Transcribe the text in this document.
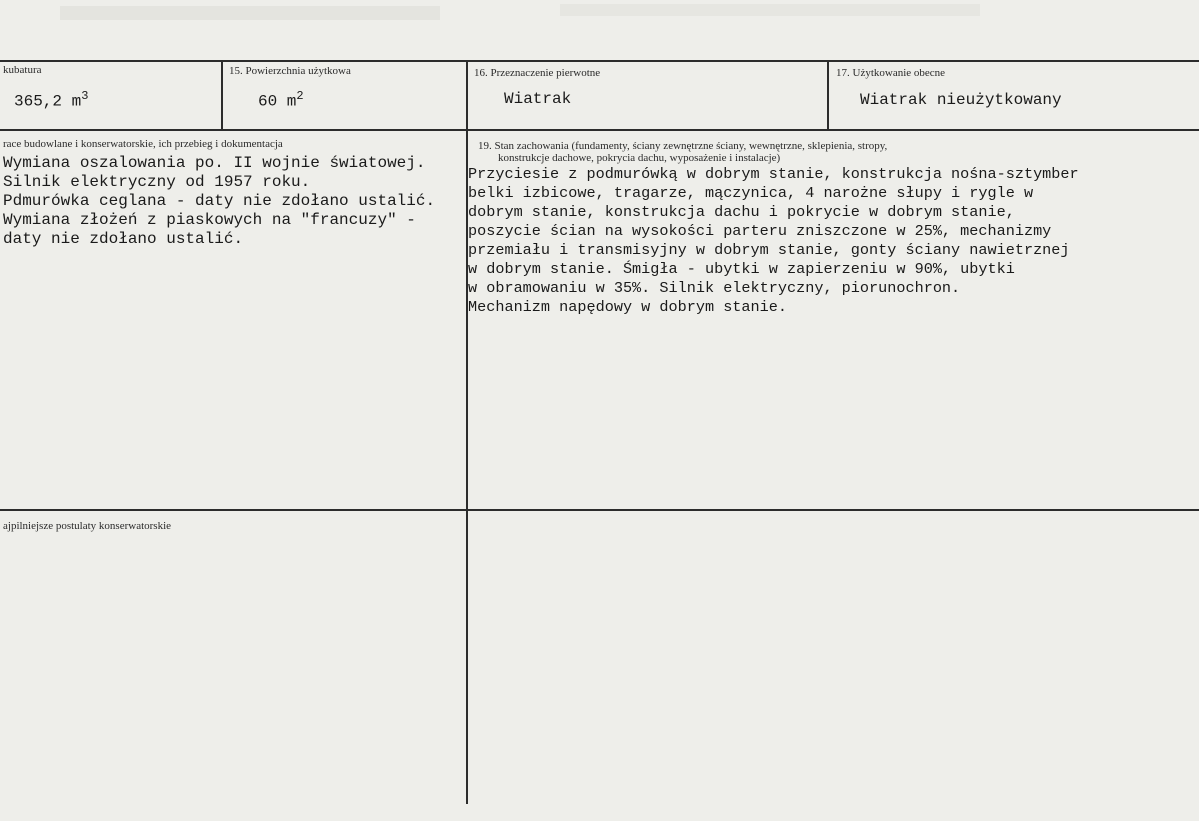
kubatura
365,2 $m^3$
15. Powierzchnia użytkowa
60 $m^2$
16. Przeznaczenie pierwotne
Wiatrak
17. Użytkowanie obecne
Wiatrak nieużytkowany
race budowlane i konserwatorskie, ich przebieg i dokumentacja
Wymiana oszalowania po. II wojnie światowej.
Silnik elektryczny od 1957 roku.
Pdmurówka ceglana - daty nie zdołano ustalić.
Wymiana złożeń z piaskowych na "francuzy" -
daty nie zdołano ustalić.
19. Stan zachowania (fundamenty, ściany zewnętrzne ściany, wewnętrzne, sklepienia, stropy,
konstrukcje dachowe, pokrycia dachu, wyposażenie i instalacje)
Przyciesie z podmurówką w dobrym stanie, konstrukcja nośna-sztymber
belki izbicowe, tragarze, mączynica, 4 narożne słupy i rygle w
dobrym stanie, konstrukcja dachu i pokrycie w dobrym stanie,
poszycie ścian na wysokości parteru zniszczone w 25%, mechanizmy
przemiału i transmisyjny w dobrym stanie, gonty ściany nawietrznej
w dobrym stanie. Śmigła - ubytki w zapierzeniu w 90%, ubytki
w obramowaniu w 35%. Silnik elektryczny, piorunochron.
Mechanizm napędowy w dobrym stanie.
ajpilniejsze postulaty konserwatorskie
